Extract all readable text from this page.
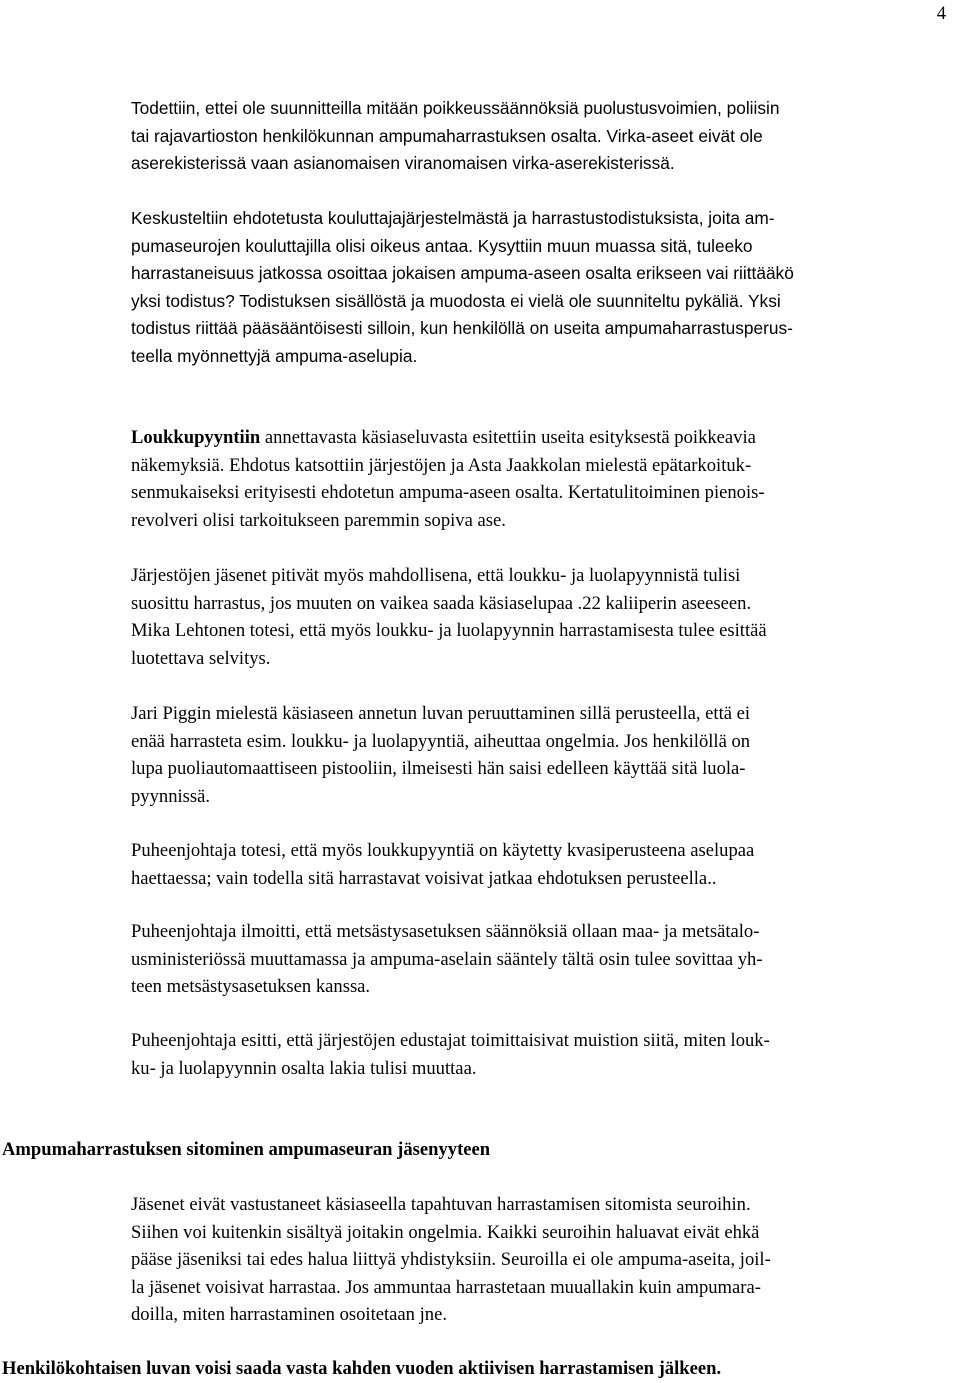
4
Todettiin, ettei ole suunnitteilla mitään poikkeussäännöksiä puolustusvoimien, poliisin
tai rajavartioston henkilökunnan ampumaharrastuksen osalta. Virka-aseet eivät ole
aserekisterissä vaan asianomaisen viranomaisen virka-aserekisterissä.
Keskusteltiin ehdotetusta kouluttajajärjestelmästä ja harrastustodistuksista, joita am-
pumaseurojen kouluttajilla olisi oikeus antaa. Kysyttiin muun muassa sitä, tuleeko
harrastaneisuus jatkossa osoittaa jokaisen ampuma-aseen osalta erikseen vai riittääkö
yksi todistus? Todistuksen sisällöstä ja muodosta ei vielä ole suunniteltu pykäliä. Yksi
todistus riittää pääsääntöisesti silloin, kun henkilöllä on useita ampumaharrastusperus-
teella myönnettyjä ampuma-aselupia.
Loukkupyyntiin annettavasta käsiaseluvasta esitettiin useita esityksestä poikkeavia
näkemyksiä. Ehdotus katsottiin järjestöjen ja Asta Jaakkolan mielestä epätarkoituk-
senmukaiseksi erityisesti ehdotetun ampuma-aseen osalta. Kertatulitoiminen pienois-
revolveri olisi tarkoitukseen paremmin sopiva ase.
Järjestöjen jäsenet pitivät myös mahdollisena, että loukku- ja luolapyynnistä tulisi
suosittu harrastus, jos muuten on vaikea saada käsiaselupaa .22 kaliiperin aseeseen.
Mika Lehtonen totesi, että myös loukku- ja luolapyynnin harrastamisesta tulee esittää
luotettava selvitys.
Jari Piggin mielestä käsiaseen annetun luvan peruuttaminen sillä perusteella, että ei
enää harrasteta esim. loukku- ja luolapyyntiä, aiheuttaa ongelmia. Jos henkilöllä on
lupa puoliautomaattiseen pistooliin, ilmeisesti hän saisi edelleen käyttää sitä luola-
pyynnissä.
Puheenjohtaja totesi, että myös loukkupyyntiä on käytetty kvasiperusteena aselupaa
haettaessa; vain todella sitä harrastavat voisivat jatkaa ehdotuksen perusteella..
Puheenjohtaja ilmoitti, että metsästysasetuksen säännöksiä ollaan maa- ja metsätalo-
usministeriössä muuttamassa ja ampuma-aselain sääntely tältä osin tulee sovittaa yh-
teen metsästysasetuksen kanssa.
Puheenjohtaja esitti, että järjestöjen edustajat toimittaisivat muistion siitä, miten louk-
ku- ja luolapyynnin osalta lakia tulisi muuttaa.
Ampumaharrastuksen sitominen ampumaseuran jäsenyyteen
Jäsenet eivät vastustaneet käsiaseella tapahtuvan harrastamisen sitomista seuroihin.
Siihen voi kuitenkin sisältyä joitakin ongelmia. Kaikki seuroihin haluavat eivät ehkä
pääse jäseniksi tai edes halua liittyä yhdistyksiin. Seuroilla ei ole ampuma-aseita, joil-
la jäsenet voisivat harrastaa. Jos ammuntaa harrastetaan muuallakin kuin ampumara-
doilla, miten harrastaminen osoitetaan jne.

Henkilökohtaisen luvan voisi saada vasta kahden vuoden aktiivisen harrastamisen jälkeen.
